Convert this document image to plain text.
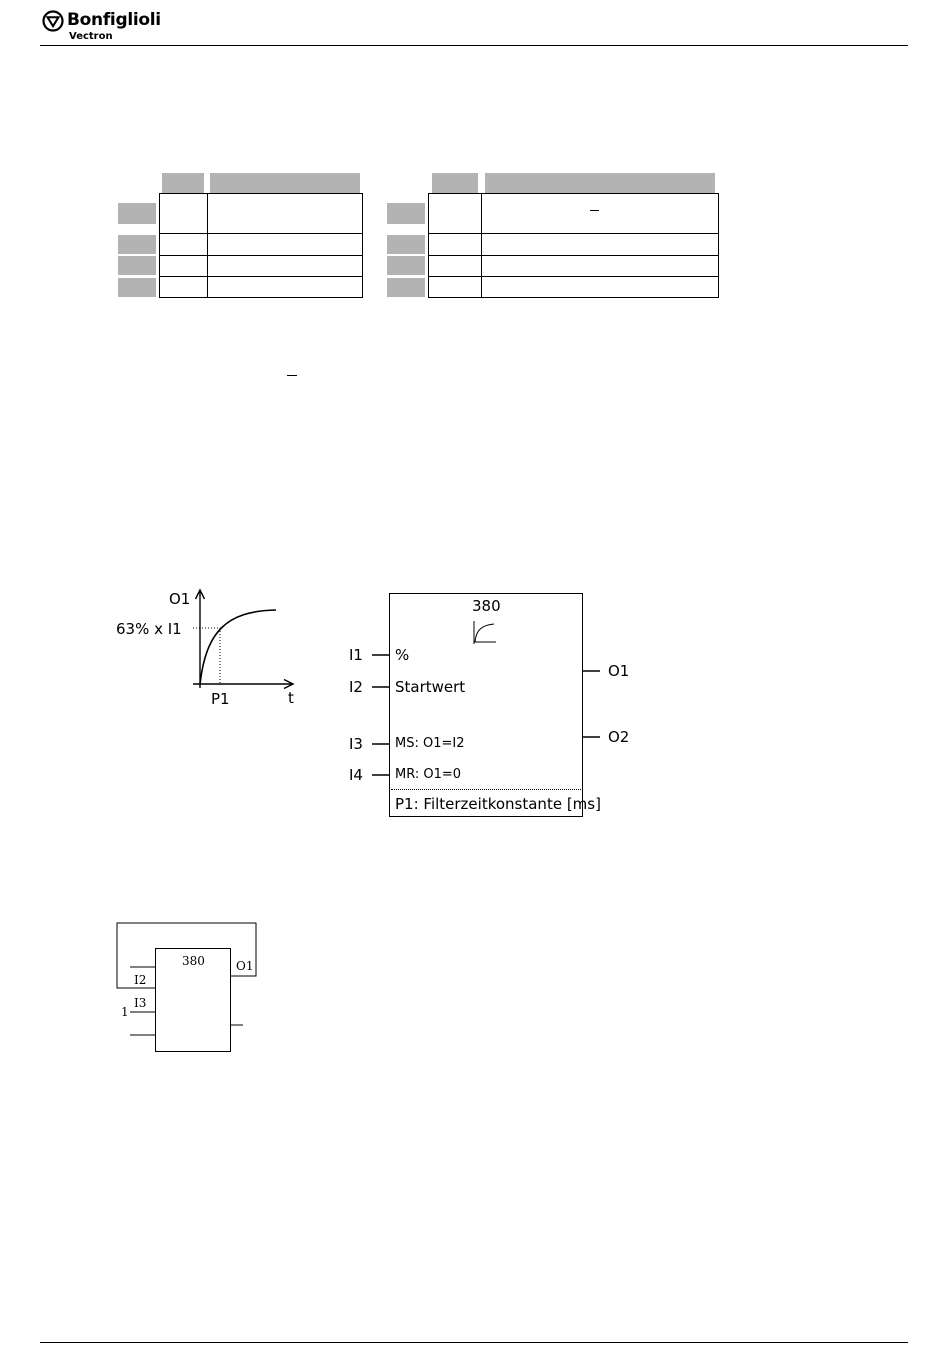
Bonfiglioli
Vectron
O1
63% x I1
P1	t
380
I1 %
I2 Startwert
I3 MS: O1=I2
I4 MR: O1=0
O1
O2
P1: Filterzeitkonstante [ms]
380
I2
I3
1
O1
